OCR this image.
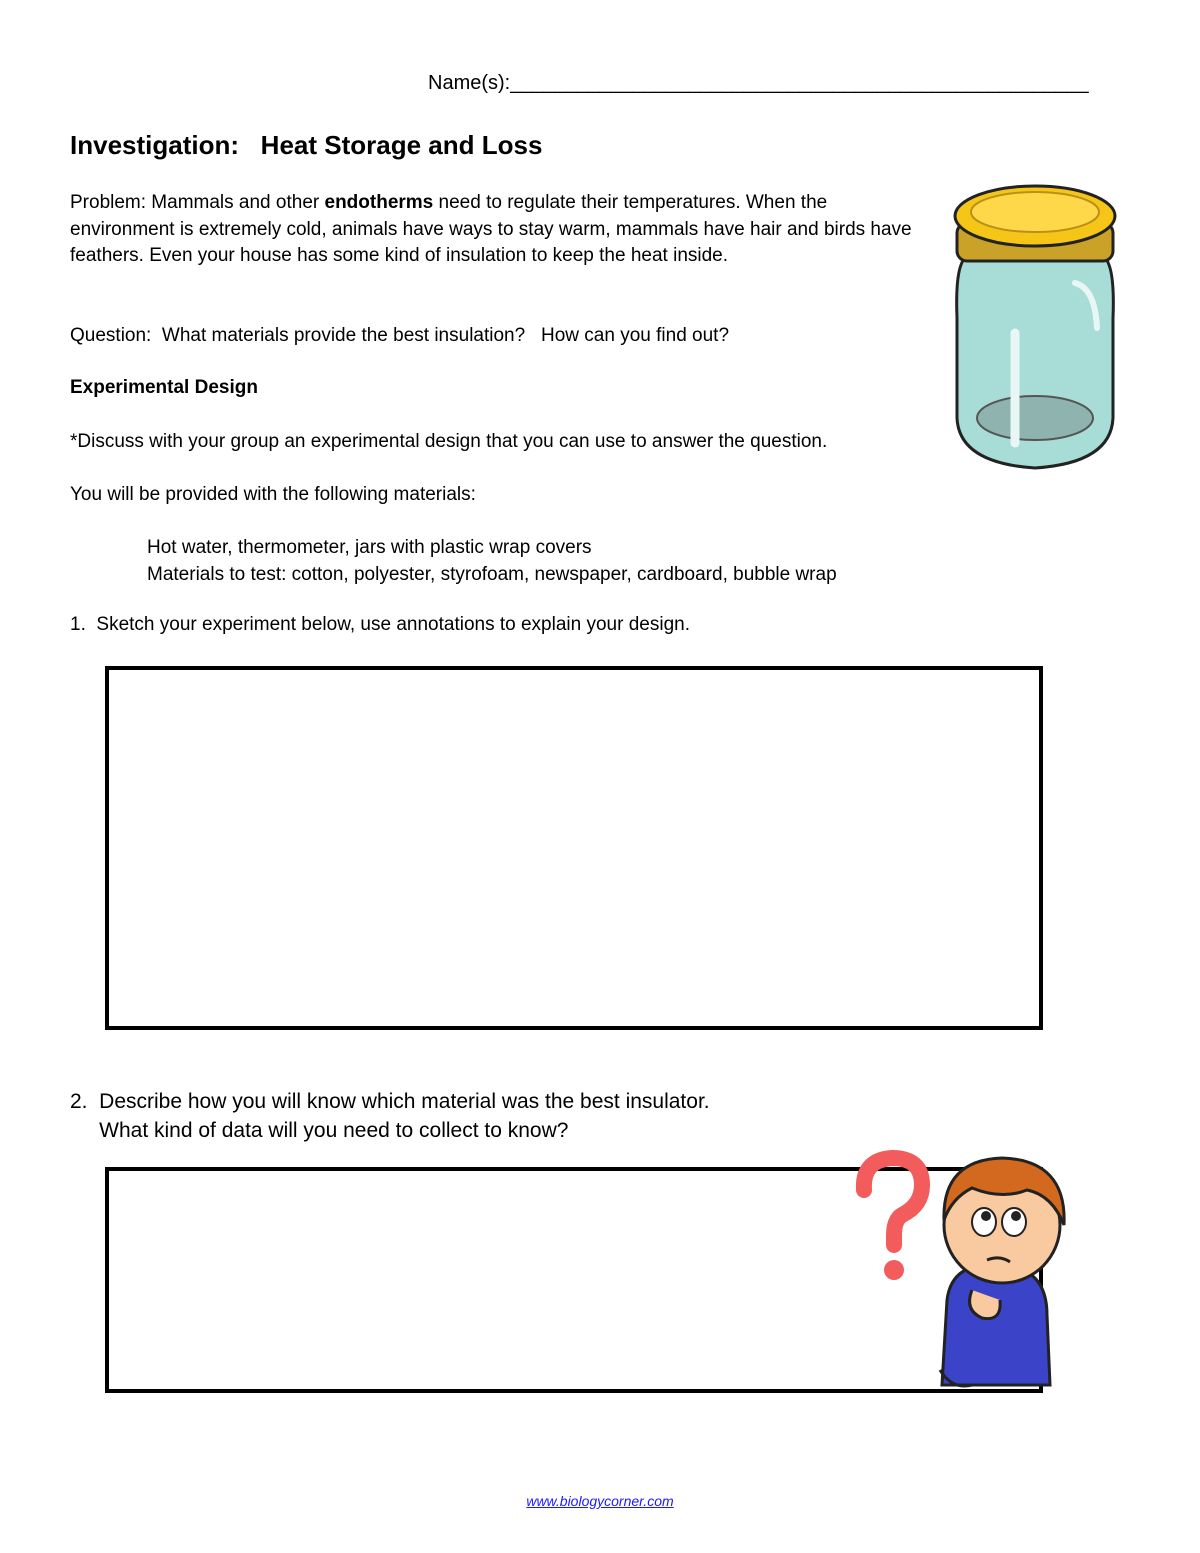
Name(s):____________________________________________________
Investigation:   Heat Storage and Loss
Problem: Mammals and other endotherms need to regulate their temperatures. When the environment is extremely cold, animals have ways to stay warm, mammals have hair and birds have feathers. Even your house has some kind of insulation to keep the heat inside.
Question:  What materials provide the best insulation?   How can you find out?
Experimental Design
*Discuss with your group an experimental design that you can use to answer the question.
You will be provided with the following materials:
Hot water, thermometer, jars with plastic wrap covers
Materials to test: cotton, polyester, styrofoam, newspaper, cardboard, bubble wrap
1.  Sketch your experiment below, use annotations to explain your design.
2.  Describe how you will know which material was the best insulator.
What kind of data will you need to collect to know?
www.biologycorner.com
